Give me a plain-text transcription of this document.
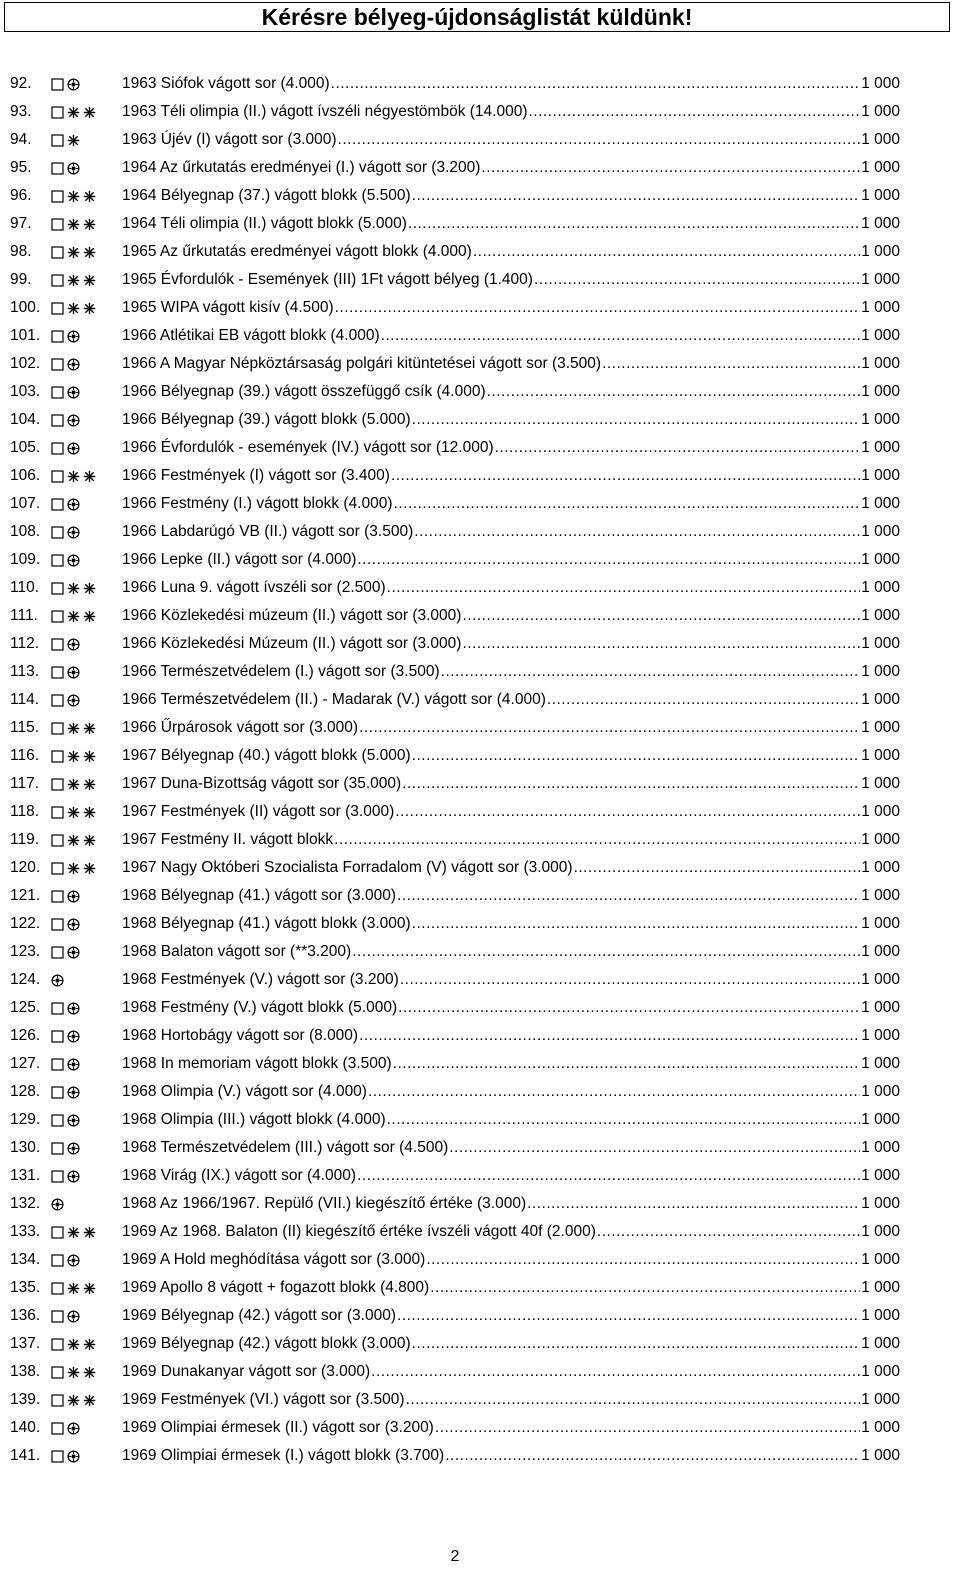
Kérésre bélyeg-újdonságlistát küldünk!
92.	1963 Siófok vágott sor (4.000) .....	1 000
93.	1963 Téli olimpia (II.) vágott ívszéli négyestömbök (14.000) .....	1 000
94.	1963 Újév (I) vágott sor (3.000) .....	1 000
95.	1964 Az űrkutatás eredményei (I.) vágott sor (3.200) .....	1 000
96.	1964 Bélyegnap (37.) vágott blokk (5.500) .....	1 000
97.	1964 Téli olimpia (II.) vágott blokk (5.000) .....	1 000
98.	1965 Az űrkutatás eredményei vágott blokk (4.000) .....	1 000
99.	1965 Évfordulók - Események (III) 1Ft vágott bélyeg (1.400) .....	1 000
100.	1965 WIPA vágott kisív (4.500) .....	1 000
101.	1966 Atlétikai EB vágott blokk (4.000) .....	1 000
102.	1966 A Magyar Népköztársaság polgári kitüntetései vágott sor (3.500) .....	1 000
103.	1966 Bélyegnap (39.) vágott összefüggő csík (4.000) .....	1 000
104.	1966 Bélyegnap (39.) vágott blokk (5.000) .....	1 000
105.	1966 Évfordulók - események (IV.) vágott sor (12.000) .....	1 000
106.	1966 Festmények (I) vágott sor (3.400) .....	1 000
107.	1966 Festmény (I.) vágott blokk (4.000) .....	1 000
108.	1966 Labdarúgó VB (II.) vágott sor (3.500) .....	1 000
109.	1966 Lepke (II.) vágott sor (4.000) .....	1 000
110.	1966 Luna 9. vágott ívszéli sor (2.500) .....	1 000
111.	1966 Közlekedési múzeum (II.) vágott sor (3.000) .....	1 000
112.	1966 Közlekedési Múzeum (II.) vágott sor (3.000) .....	1 000
113.	1966 Természetvédelem (I.) vágott sor (3.500) .....	1 000
114.	1966 Természetvédelem (II.) - Madarak (V.) vágott sor (4.000) .....	1 000
115.	1966 Űrpárosok vágott sor (3.000) .....	1 000
116.	1967 Bélyegnap (40.) vágott blokk (5.000) .....	1 000
117.	1967 Duna-Bizottság vágott sor (35.000) .....	1 000
118.	1967 Festmények (II) vágott sor (3.000) .....	1 000
119.	1967 Festmény II. vágott blokk .....	1 000
120.	1967 Nagy Októberi Szocialista Forradalom (V) vágott sor (3.000) .....	1 000
121.	1968 Bélyegnap (41.) vágott sor (3.000) .....	1 000
122.	1968 Bélyegnap (41.) vágott blokk (3.000) .....	1 000
123.	1968 Balaton vágott sor (**3.200) .....	1 000
124.	1968 Festmények (V.) vágott sor (3.200) .....	1 000
125.	1968 Festmény (V.) vágott blokk (5.000) .....	1 000
126.	1968 Hortobágy vágott sor (8.000) .....	1 000
127.	1968 In memoriam vágott blokk (3.500) .....	1 000
128.	1968 Olimpia (V.) vágott sor (4.000) .....	1 000
129.	1968 Olimpia (III.) vágott blokk (4.000) .....	1 000
130.	1968 Természetvédelem (III.) vágott sor (4.500) .....	1 000
131.	1968 Virág (IX.) vágott sor (4.000) .....	1 000
132.	1968 Az 1966/1967. Repülő (VII.) kiegészítő értéke (3.000) .....	1 000
133.	1969 Az 1968. Balaton (II) kiegészítő értéke ívszéli vágott 40f (2.000) .....	1 000
134.	1969 A Hold meghódítása vágott sor (3.000) .....	1 000
135.	1969 Apollo 8 vágott + fogazott blokk (4.800) .....	1 000
136.	1969 Bélyegnap (42.) vágott sor (3.000) .....	1 000
137.	1969 Bélyegnap (42.) vágott blokk (3.000) .....	1 000
138.	1969 Dunakanyar vágott sor (3.000) .....	1 000
139.	1969 Festmények (VI.) vágott sor (3.500) .....	1 000
140.	1969 Olimpiai érmesek (II.) vágott sor (3.200) .....	1 000
141.	1969 Olimpiai érmesek (I.) vágott blokk (3.700) .....	1 000
2
